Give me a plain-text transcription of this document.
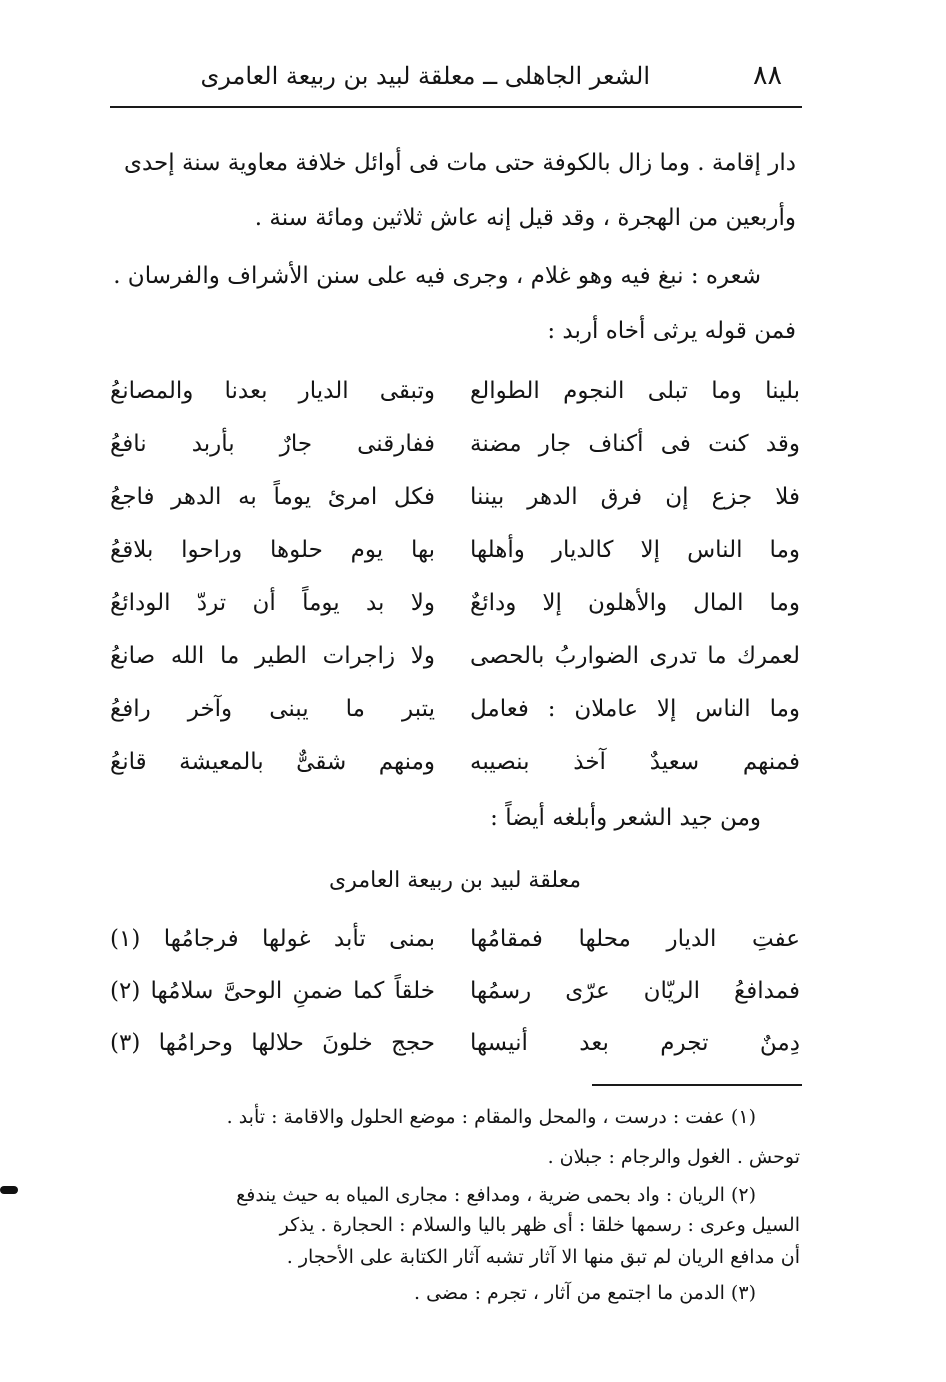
٨٨
الشعر الجاهلى ــ معلقة لبيد بن ربيعة العامرى
دار إقامة . وما زال بالكوفة حتى مات فى أوائل خلافة معاوية سنة إحدى
وأربعين من الهجرة ، وقد قيل إنه عاش ثلاثين ومائة سنة .
شعره : نبغ فيه وهو غلام ، وجرى فيه على سنن الأشراف والفرسان .
فمن قوله يرثى أخاه أربد :
بلينا وما تبلى النجوم الطوالع
وتبقى الديار بعدنا والمصانعُ
وقد كنت فى أكناف جار مضنة
ففارقنى جارٌ بأربد نافعُ
فلا جزع إن فرق الدهر بيننا
فكل امرئ يوماً به الدهر فاجعُ
وما الناس إلا كالديار وأهلها
بها يوم حلوها وراحوا بلاقعُ
وما المال والأهلون إلا ودائعٌ
ولا بد يوماً أن تردّ الودائعُ
لعمرك ما تدرى الضواربُ بالحصى
ولا زاجرات الطير ما الله صانعُ
وما الناس إلا عاملان : فعامل
يتبر ما يبنى وآخر رافعُ
فمنهم سعيدٌ آخذ بنصيبه
ومنهم شقىٌّ بالمعيشة قانعُ
ومن جيد الشعر وأبلغه أيضاً :
معلقة لبيد بن ربيعة العامرى
عفتِ الديار محلها فمقامُها
بمنى تأبد غولها فرجامُها (١)
فمدافعُ الريّان عرّى رسمُها
خلقاً كما ضمنِ الوحىَّ سلامُها (٢)
دِمنٌ تجرم بعد أنيسها
حجج خلونَ حلالها وحرامُها (٣)
(١) عفت : درست ، والمحل والمقام : موضع الحلول والاقامة : تأبد .
توحش . الغول والرجام : جبلان .
(٢) الريان : واد بحمى ضرية ، ومدافع : مجارى المياه به حيث يندفع
السيل وعرى : رسمها خلقا : أى ظهر باليا والسلام : الحجارة . يذكر
أن مدافع الريان لم تبق منها الا آثار تشبه آثار الكتابة على الأحجار .
(٣) الدمن ما اجتمع من آثار ، تجرم : مضى .
